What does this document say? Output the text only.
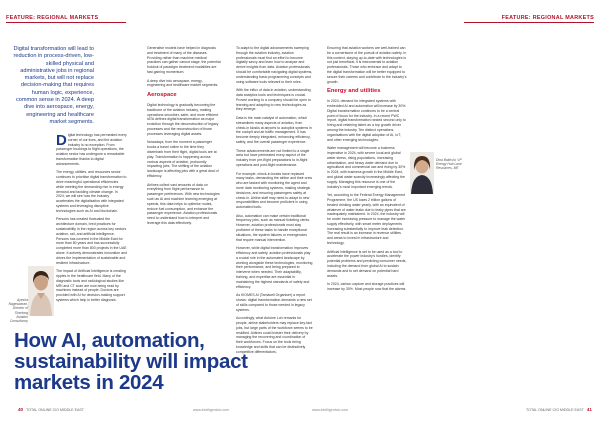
FEATURE: REGIONAL MARKETS
Digital transformation will lead to reduction in process-driven, low-skilled physical and administrative jobs in regional markets, but will not replace decision-making that requires human logic, experience, common sense in 2024. A deep dive into aerospace, energy, engineering and healthcare market segments.

Digital technology has permeated every corner of our lives, and the aviation industry is no exception. From passenger bookings to flight operations, the aviation sector has undergone a remarkable transformation thanks to digital advancements.

The energy, utilities, and resources sector continues to prioritise digital transformation to drive meaningful operational efficiencies while meeting the demanding rise in energy demand and tackling climate change. In 2024, we will see how the industry accelerates the digitalisation with integrated systems and leveraging disruptive technologies such as AI and blockchain.

Persons has created fluctuated the architecture domain, bred practices for sustainability in the region across key sectors aviation, rail, and artificial intelligence. Persons has covered in the Middle East for more than 80 years and has successfully completed more than 800 projects in the UAE alone. It actively demonstrates innovation and drives the implementation of sustainable and resilient infrastructure.

The impact of Artificial Intelligence is creating ripples in the healthcare field. Many of the diagnostic tools and radiological studies like MRI and CT scan are now being read by machines instead of people. Doctors are provided with AI for decision-making support systems which help in better diagnosis.

Ayesha Nageswaran, Director of Sherlong Aviation Consultancy

Generative models have helped in diagnosis and treatment of many of the diseases. Providing rather than machine medical practices can gather cannot stage, the potential holdout of paradigm treatment modalities are fast gaining momentum.

A deep dive into aerospace, energy, engineering and healthcare market segments.

Aerospace

Digital technology is gradually becoming the backbone of the aviation industry, making operations smoother, safer, and more efficient. IATA defines digital transformation as major evolution through the deconstruction of legacy processes and the reconstruction of those processes leveraging digital assets.

Nowadays, from the moment a passenger books a travel online to the time they disembark from their flight, digital tools are at play. Transformation is happening across various aspects of aviation, profoundly impacting jobs. The shifting of the aviation landscape is affecting jobs with a great deal of efficiency.

Airlines collect vast amounts of data on everything from flight performance to passenger preferences. With new technologies such as AI and machine learning emerging at speeds, this data helps to optimise routes, reduce fuel consumption, and enhance the passenger experience. Aviation professionals need to understand how to interpret and leverage this data effectively.

How AI, automation, sustainability will impact markets in 2024
40 TOTAL ONLINE CIO MIDDLE EAST	www.intelligentcio.com
FEATURE: REGIONAL MARKETS

To adapt to the digital advancements sweeping through the aviation industry, aviation professionals must find an effort to become digitally savvy and learn how to analyse and derive insights from data. Aviation professionals should be comfortable navigating digital systems, understanding basic programming concepts and using software tools relevant to their roles.

With the influx of data in aviation, understanding data analytics tools and techniques is crucial. Proven working to a company should be open to learning and adapting to new technologies as they emerge.

Data is the main catalyst of automation, which streamlines many aspects of aviation, from check-in kiosks at airports to autopilot systems in the cockpit and air traffic management. It has become deeply integrated, enhancing efficiency, safety, and the overall passenger experience.

These advancements are not limited to a single area but have permeated every aspect of the industry from pre-flight preparations to in-flight operations and post-flight maintenance.

For example, check-in kiosks have replaced many tasks, demanding the airline and their crew who are tasked with monitoring the agent and more data monitoring systems, making strategic decisions, and ensuring passengers safety at check-in. Airline staff may need to adapt to new responsibilities and become proficient in using automated tools.

Also, automation can make certain traditional frequency jobs, such as manual ticketing clerks. However, aviation professionals must stay proficient of these tasks to handle exceptional situations, the system failures or emergencies that require manual intervention.

However, while digital transformation improves efficiency and safety, aviation professionals play a crucial role in the automated landscape by working alongside these technologies, monitoring their performance, and being prepared to intervene when needed. Their adaptability, training, and expertise are essential in maintaining the highest standards of safety and efficiency.

As KIOMES AI (Tamacell Organiser) a report shows: digital transformation demands a new set of skills compared to those needed in legacy systems.

Accordingly, what Antoine Loh remarks for people, airline stakeholders may replace key-fact jobs, but large parts of the workforce seems to be reskilled. Airlines could bolster their delivery by managing the recovering and coordination of their workforces. Focus on the tools being knowledge and skills that can be distinctively competitive differentiators.

Ensuring that aviation workers are well-trained can be a cornerstone of the pursuit of aviation safety. In this context, staying up-to-date with technologies is not just beneficial; it is instrumental to aviation professionals. Those who embrace and adapt to the digital transformation will be better equipped to secure their careers and contribute to the industry's growth.

Energy and utilities

In 2024, demand for integrated systems with embedded AI and automation will increase by 30%. Digital transformation continues to be a central point of focus for the industry. In a recent PWC report, digital transformation ranked second only to hiring and retaining talent as a top growth driver among the industry. Ten distinct operations, organisations with the digital adoption of AI, IoT, and other emerging technologies.

Water management will become a business imperative in 2024, with severe local and global water stress, rising populations, increasing urbanisation, and heavy water demand due to agricultural and commercial use and rising by 30% in 2024, with business growth in the Middle East, and global water scarcity increasingly affecting the supply. Managing this resource is one of the industry's most important emerging trends.

Yet, according to the Federal Energy Management Programme, the US loses 2 trillion gallons of treated drinking water yearly, with an equivalent of whatever of water leaks due to leaky pipes that are inadequately maintained. In 2024, the industry will be under increasing pressure to manage the water supply effectively, with smart meter deployments increasing substantially to improve leak detection. The real result is an increase in revenue utilities and areas to invest in infrastructure and technology.

Artificial intelligence is set to be used as a tool to accelerate the power industry's hurdles, identify potential problems and predicting consumer needs, including the demand from global AI to sustain demands and to set demand on potential hard assets.

In 2024, carbon capture and storage practices will increase by 30%. Most people now that the alarms

Dina Bakhshi, VP Energy Hub Lane Resources, ME
www.intelligentcio.com	TOTAL ONLINE CIO MIDDLE EAST 41
